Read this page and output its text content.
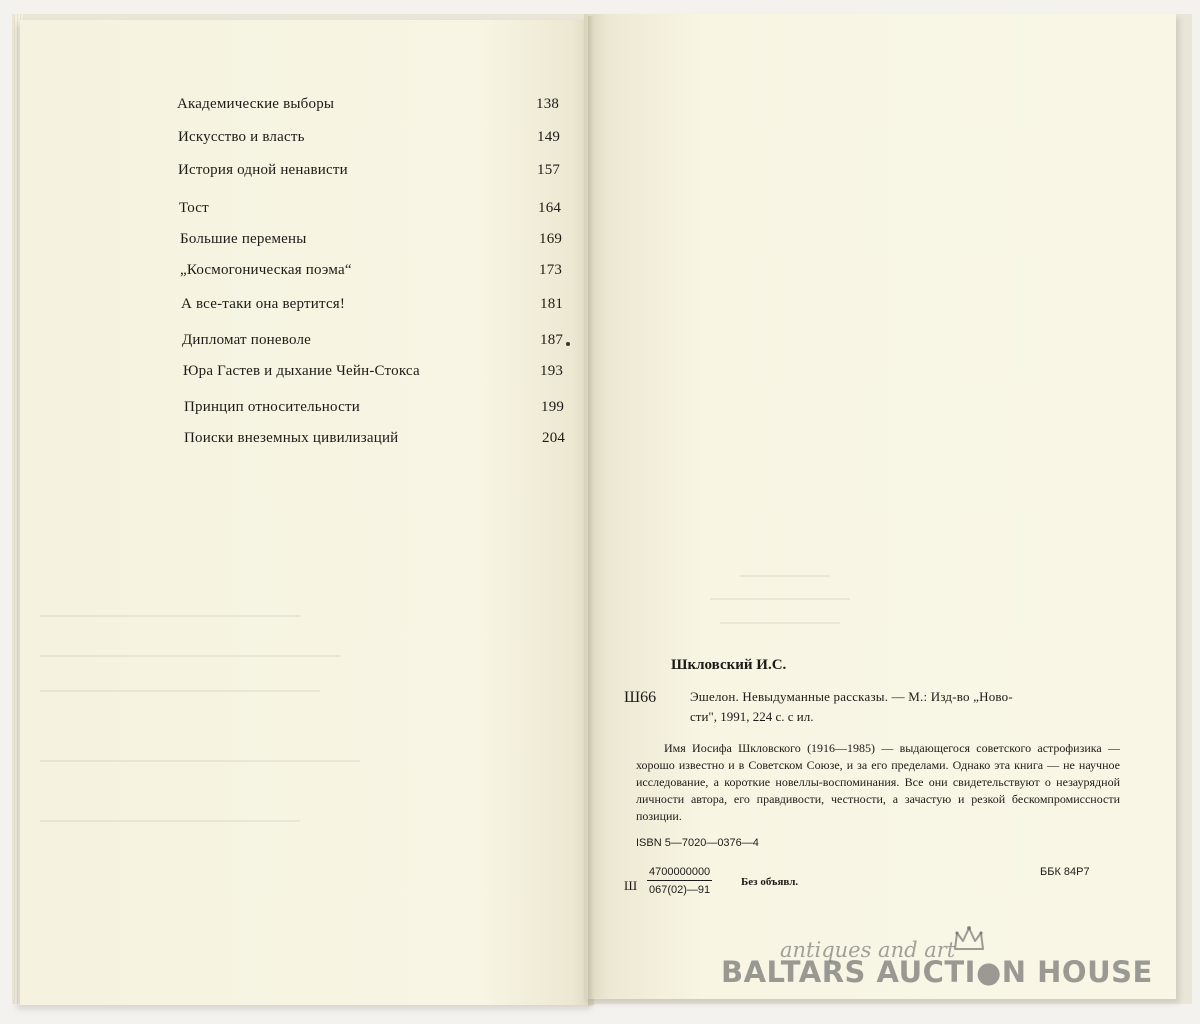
Академические выборы	138
Искусство и власть	149
История одной ненависти	157
Тост	164
Большие перемены	169
„Космогоническая поэма“	173
А все-таки она вертится!	181
Дипломат поневоле	187
Юра Гастев и дыхание Чейн-Стокса	193
Принцип относительности	199
Поиски внеземных цивилизаций	204
Шкловский И.С.
Ш66	Эшелон. Невыдуманные рассказы. — М.: Изд-во „Ново-
сти", 1991, 224 с. с ил.
Имя Иосифа Шкловского (1916—1985) — выдающегося советского астрофизика — хорошо известно и в Советском Союзе, и за его пределами. Однако эта книга — не научное исследование, а короткие новеллы-воспоминания. Все они свидетельствуют о незаурядной личности автора, его правдивости, честности, а зачастую и резкой бескомпромиссности позиции.
ISBN 5—7020—0376—4
Ш $\frac{4700000000}{067(02)—91}$	Без объявл.
ББК 84Р7
antiques and art
BALTARS AUCTI●N HOUSE
